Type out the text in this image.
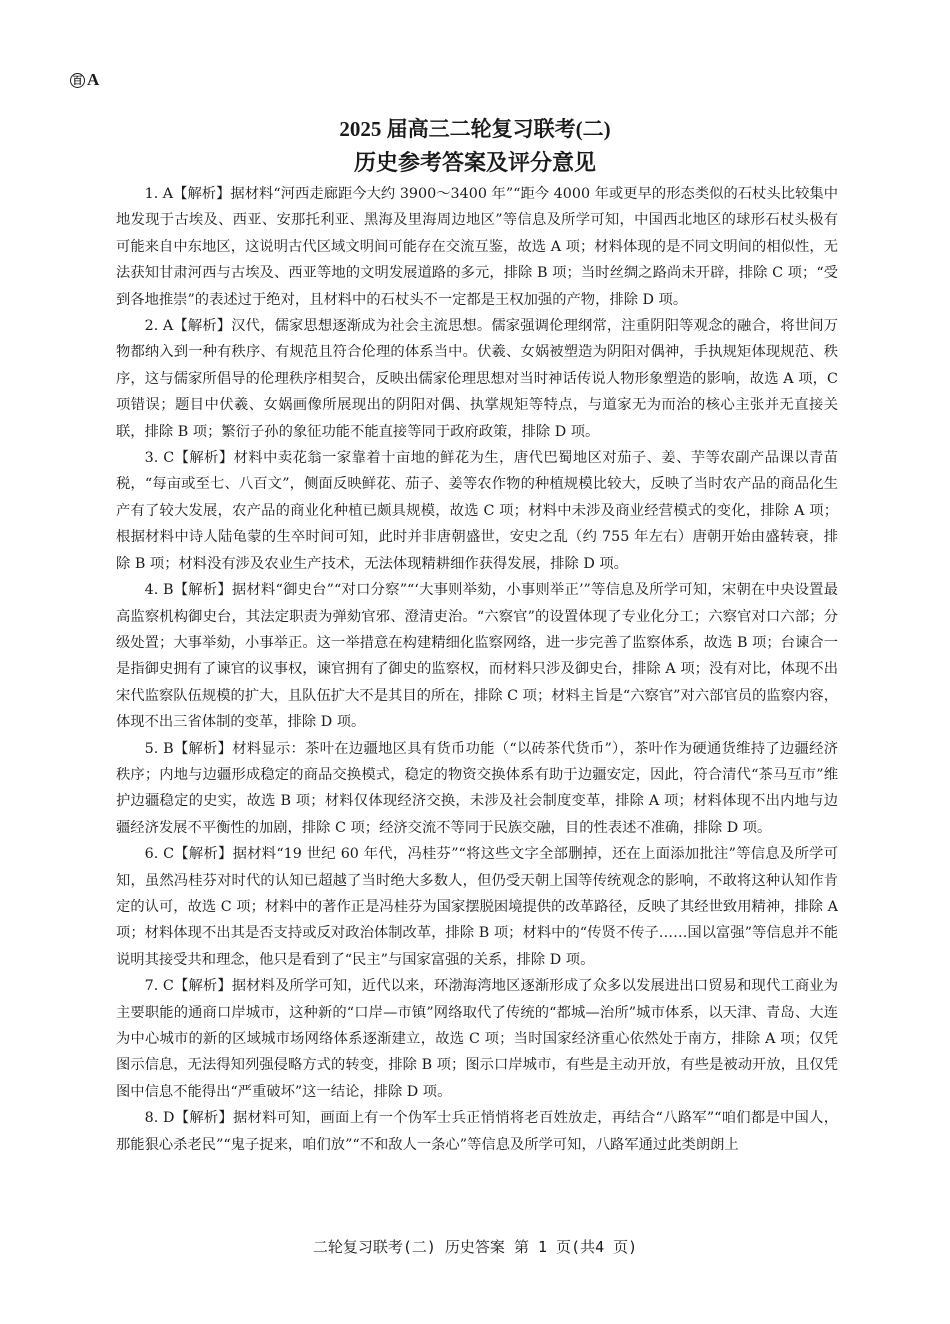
百 A
2025 届高三二轮复习联考(二)
历史参考答案及评分意见

1. A【解析】据材料“河西走廊距今大约 3900～3400 年”“距今 4000 年或更早的形态类似的石杖头比较集中地发现于古埃及、西亚、安那托利亚、黑海及里海周边地区”等信息及所学可知，中国西北地区的球形石杖头极有可能来自中东地区，这说明古代区域文明间可能存在交流互鉴，故选 A 项；材料体现的是不同文明间的相似性，无法获知甘肃河西与古埃及、西亚等地的文明发展道路的多元，排除 B 项；当时丝绸之路尚未开辟，排除 C 项；“受到各地推崇”的表述过于绝对，且材料中的石杖头不一定都是王权加强的产物，排除 D 项。

2. A【解析】汉代，儒家思想逐渐成为社会主流思想。儒家强调伦理纲常，注重阴阳等观念的融合，将世间万物都纳入到一种有秩序、有规范且符合伦理的体系当中。伏羲、女娲被塑造为阴阳对偶神，手执规矩体现规范、秩序，这与儒家所倡导的伦理秩序相契合，反映出儒家伦理思想对当时神话传说人物形象塑造的影响，故选 A 项，C 项错误；题目中伏羲、女娲画像所展现出的阴阳对偶、执掌规矩等特点，与道家无为而治的核心主张并无直接关联，排除 B 项；繁衍子孙的象征功能不能直接等同于政府政策，排除 D 项。

3. C【解析】材料中卖花翁一家靠着十亩地的鲜花为生，唐代巴蜀地区对茄子、姜、芋等农副产品课以青苗税，“每亩或至七、八百文”，侧面反映鲜花、茄子、姜等农作物的种植规模比较大，反映了当时农产品的商品化生产有了较大发展，农产品的商业化种植已颇具规模，故选 C 项；材料中未涉及商业经营模式的变化，排除 A 项；根据材料中诗人陆龟蒙的生卒时间可知，此时并非唐朝盛世，安史之乱（约 755 年左右）唐朝开始由盛转衰，排除 B 项；材料没有涉及农业生产技术，无法体现精耕细作获得发展，排除 D 项。

4. B【解析】据材料“御史台”“对口分察”“‘大事则举劾，小事则举正’”等信息及所学可知，宋朝在中央设置最高监察机构御史台，其法定职责为弹劾官邪、澄清吏治。“六察官”的设置体现了专业化分工；六察官对口六部；分级处置；大事举劾，小事举正。这一举措意在构建精细化监察网络，进一步完善了监察体系，故选 B 项；台谏合一是指御史拥有了谏官的议事权，谏官拥有了御史的监察权，而材料只涉及御史台，排除 A 项；没有对比，体现不出宋代监察队伍规模的扩大，且队伍扩大不是其目的所在，排除 C 项；材料主旨是“六察官”对六部官员的监察内容，体现不出三省体制的变革，排除 D 项。

5. B【解析】材料显示：茶叶在边疆地区具有货币功能（“以砖茶代货币”），茶叶作为硬通货维持了边疆经济秩序；内地与边疆形成稳定的商品交换模式，稳定的物资交换体系有助于边疆安定，因此，符合清代“茶马互市”维护边疆稳定的史实，故选 B 项；材料仅体现经济交换，未涉及社会制度变革，排除 A 项；材料体现不出内地与边疆经济发展不平衡性的加剧，排除 C 项；经济交流不等同于民族交融，目的性表述不准确，排除 D 项。

6. C【解析】据材料“19 世纪 60 年代，冯桂芬”“将这些文字全部删掉，还在上面添加批注”等信息及所学可知，虽然冯桂芬对时代的认知已超越了当时绝大多数人，但仍受天朝上国等传统观念的影响，不敢将这种认知作肯定的认可，故选 C 项；材料中的著作正是冯桂芬为国家摆脱困境提供的改革路径，反映了其经世致用精神，排除 A 项；材料体现不出其是否支持或反对政治体制改革，排除 B 项；材料中的“传贤不传子……国以富强”等信息并不能说明其接受共和理念，他只是看到了“民主”与国家富强的关系，排除 D 项。

7. C【解析】据材料及所学可知，近代以来，环渤海湾地区逐渐形成了众多以发展进出口贸易和现代工商业为主要职能的通商口岸城市，这种新的“口岸—市镇”网络取代了传统的“都城—治所”城市体系，以天津、青岛、大连为中心城市的新的区域城市场网络体系逐渐建立，故选 C 项；当时国家经济重心依然处于南方，排除 A 项；仅凭图示信息，无法得知列强侵略方式的转变，排除 B 项；图示口岸城市，有些是主动开放，有些是被动开放，且仅凭图中信息不能得出“严重破坏”这一结论，排除 D 项。

8. D【解析】据材料可知，画面上有一个伪军士兵正悄悄将老百姓放走，再结合“八路军”“咱们都是中国人，那能狠心杀老民”“鬼子捉来，咱们放”“不和敌人一条心”等信息及所学可知，八路军通过此类朗朗上

二轮复习联考(二) 历史答案 第 1 页(共4 页)
